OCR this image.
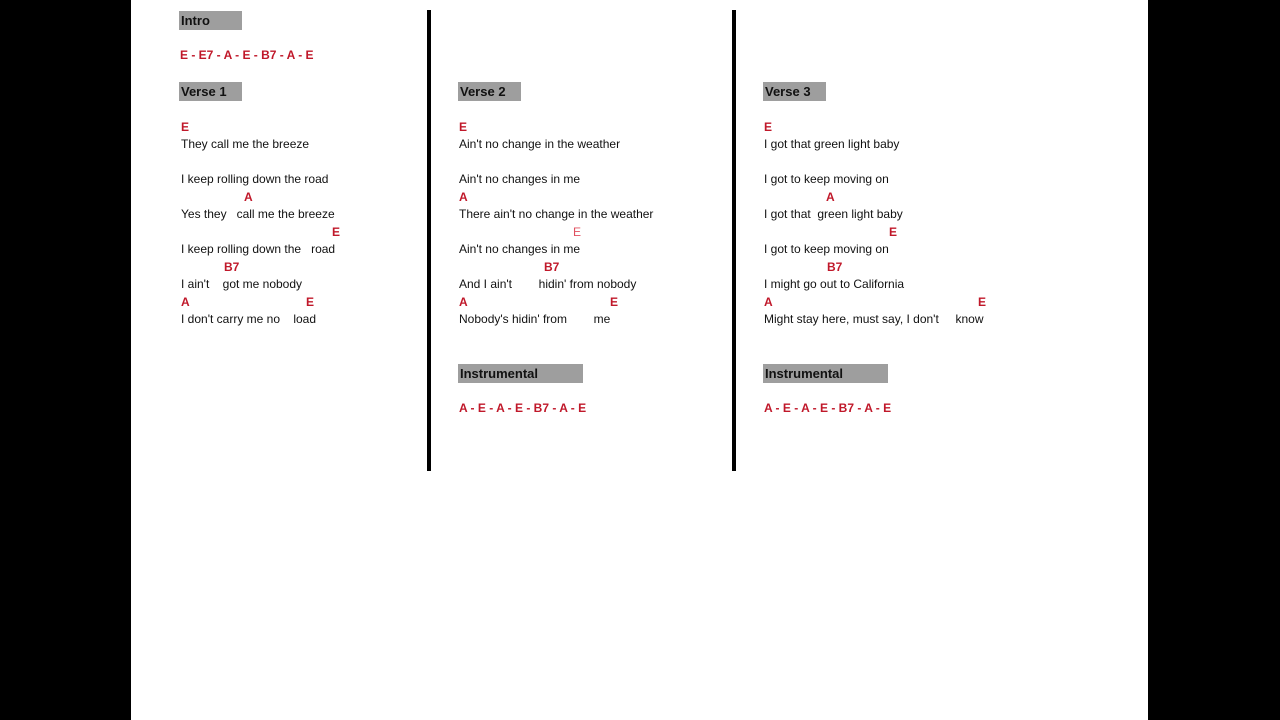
Intro
E - E7 - A - E - B7 - A - E
Verse 1
E
They call me the breeze
I keep rolling down the road
A
Yes they   call me the breeze
E
I keep rolling down the   road
B7
I ain't    got me nobody
A	E
I don't carry me no    load
Verse 2
E
Ain't no change in the weather
Ain't no changes in me
A
There ain't no change in the weather
E
Ain't no changes in me
B7
And I ain't        hidin' from nobody
A	E
Nobody's hidin' from        me
Instrumental
A - E - A - E - B7 - A - E
Verse 3
E
I got that green light baby
I got to keep moving on
A
I got that  green light baby
E
I got to keep moving on
B7
I might go out to California
A	E
Might stay here, must say, I don't     know
Instrumental
A - E - A - E - B7 - A - E
